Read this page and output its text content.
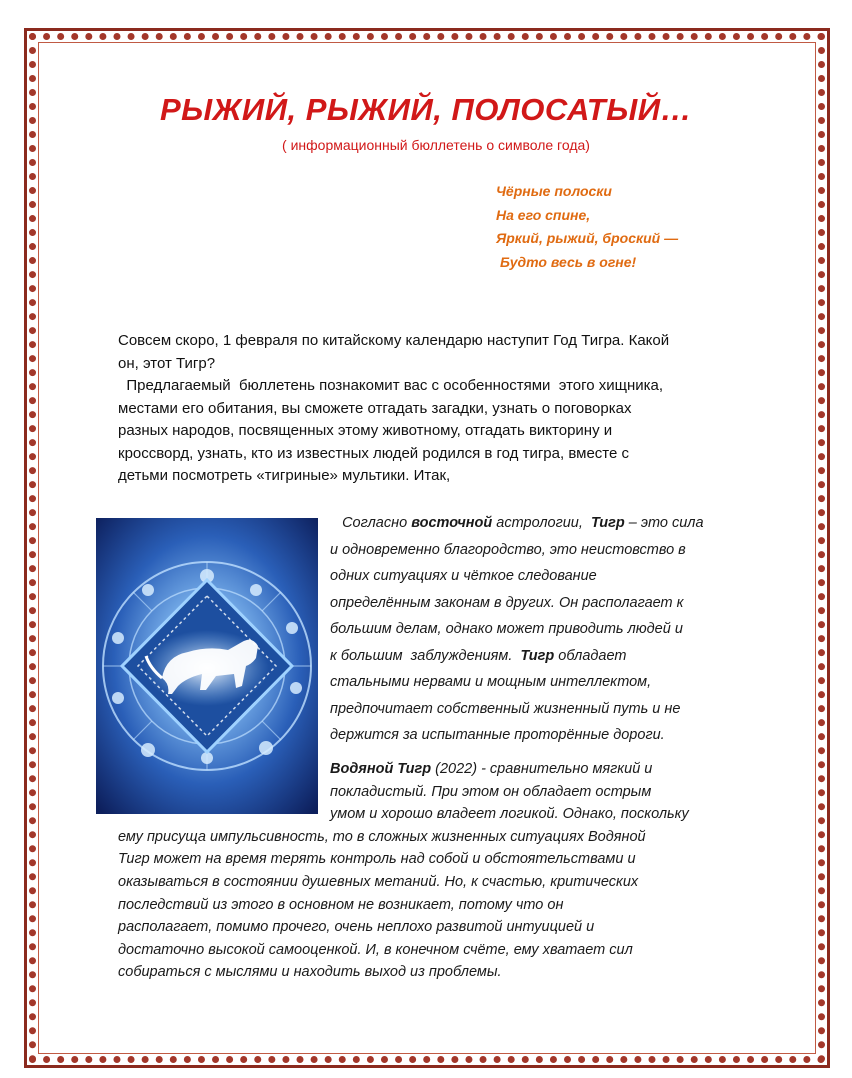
РЫЖИЙ, РЫЖИЙ, ПОЛОСАТЫЙ…
( информационный бюллетень о символе года)
Чёрные полоски
На его спине,
Яркий, рыжий, броский —
Будто весь в огне!
Совсем скоро, 1 февраля по китайскому календарю наступит Год Тигра. Какой
он, этот Тигр?
Предлагаемый  бюллетень познакомит вас с особенностями  этого хищника,
местами его обитания, вы сможете отгадать загадки, узнать о поговорках
разных народов, посвященных этому животному, отгадать викторину и
кроссворд, узнать, кто из известных людей родился в год тигра, вместе с
детьми посмотреть «тигриные» мультики. Итак,
Согласно восточной астрологии,  Тигр – это сила
и одновременно благородство, это неистовство в
одних ситуациях и чёткое следование
определённым законам в других. Он располагает к
большим делам, однако может приводить людей и
к большим  заблуждениям.  Тигр обладает
стальными нервами и мощным интеллектом,
предпочитает собственный жизненный путь и не
держится за испытанные проторённые дороги.
Водяной Тигр (2022) - сравнительно мягкий и
покладистый. При этом он обладает острым
умом и хорошо владеет логикой. Однако, поскольку
ему присуща импульсивность, то в сложных жизненных ситуациях Водяной
Тигр может на время терять контроль над собой и обстоятельствами и
оказываться в состоянии душевных метаний. Но, к счастью, критических
последствий из этого в основном не возникает, потому что он
располагает, помимо прочего, очень неплохо развитой интуицией и
достаточно высокой самооценкой. И, в конечном счёте, ему хватает сил
собираться с мыслями и находить выход из проблемы.
